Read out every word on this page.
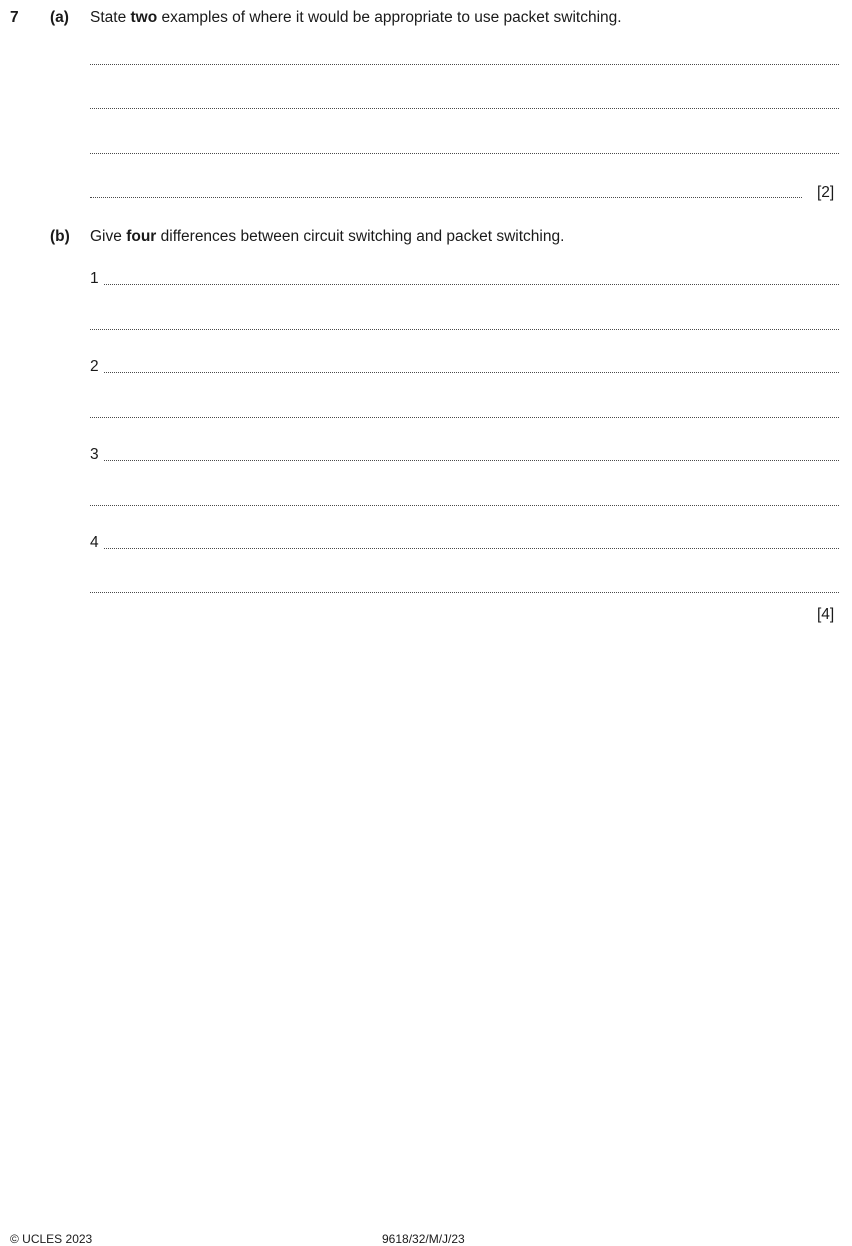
7 (a) State two examples of where it would be appropriate to use packet switching.
[2]
(b) Give four differences between circuit switching and packet switching.
1
2
3
4
[4]
© UCLES 2023	9618/32/M/J/23
